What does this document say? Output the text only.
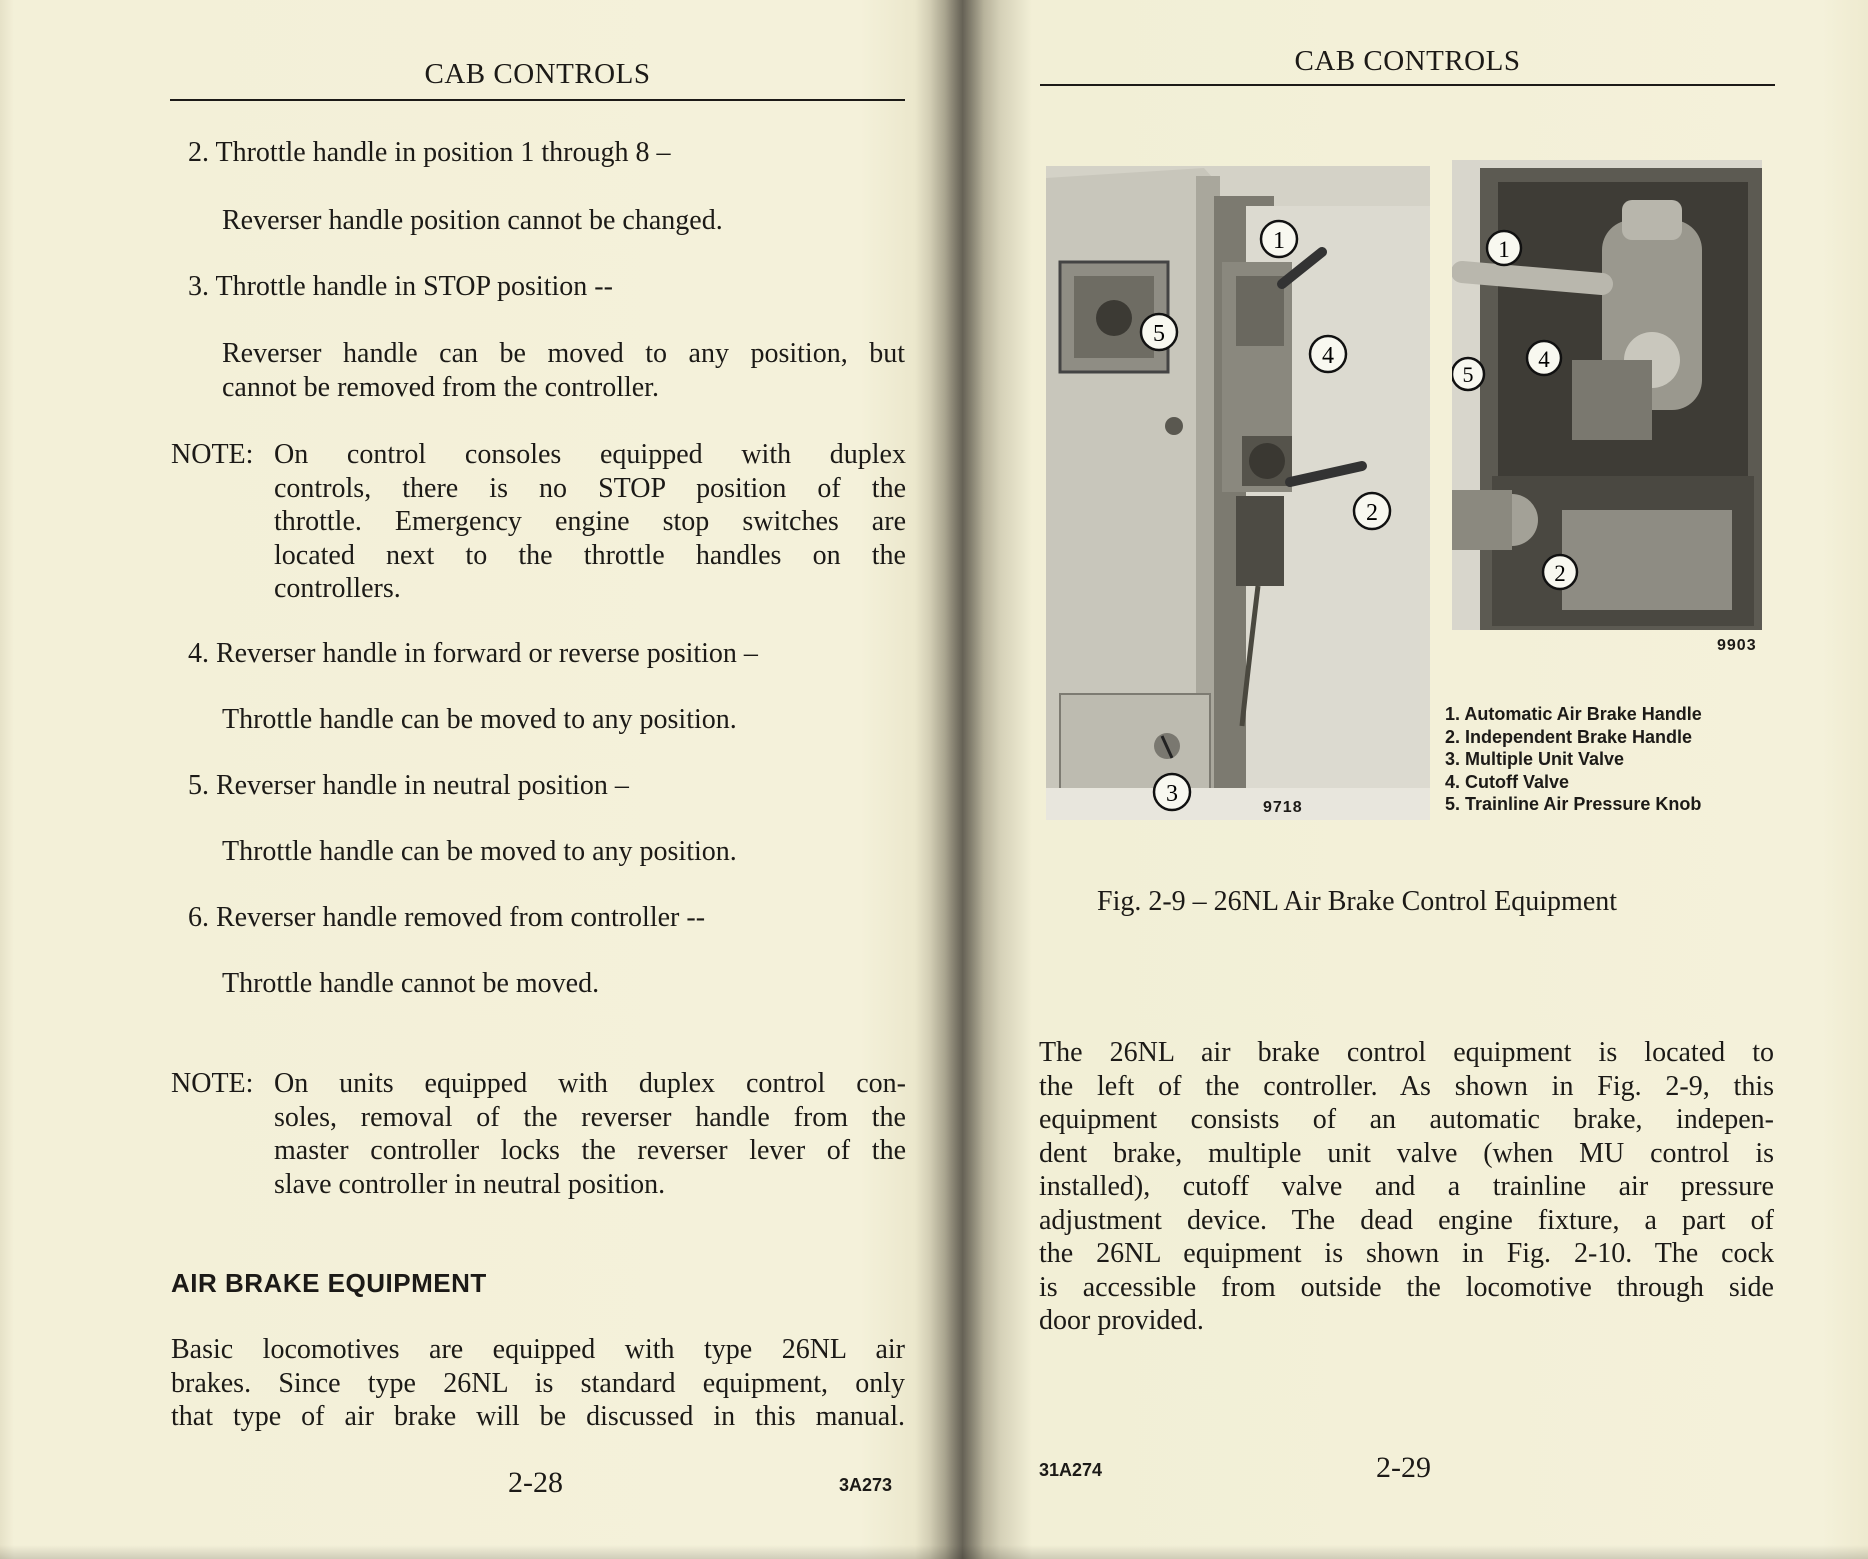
CAB CONTROLS
2. Throttle handle in position 1 through 8 –
Reverser handle position cannot be changed.
3. Throttle handle in STOP position --
Reverser handle can be moved to any position, but
cannot be removed from the controller.
NOTE: On control consoles equipped with duplex
controls, there is no STOP position of the
throttle. Emergency engine stop switches are
located next to the throttle handles on the
controllers.
4. Reverser handle in forward or reverse position –
Throttle handle can be moved to any position.
5. Reverser handle in neutral position –
Throttle handle can be moved to any position.
6. Reverser handle removed from controller --
Throttle handle cannot be moved.
NOTE: On units equipped with duplex control con-
soles, removal of the reverser handle from the
master controller locks the reverser lever of the
slave controller in neutral position.
AIR BRAKE EQUIPMENT
Basic locomotives are equipped with type 26NL air
brakes. Since type 26NL is standard equipment, only
that type of air brake will be discussed in this manual.
2-28	3A273
CAB CONTROLS
1
5
4
2
3
9718
1
4
5
2
9903
1. Automatic Air Brake Handle
2. Independent Brake Handle
3. Multiple Unit Valve
4. Cutoff Valve
5. Trainline Air Pressure Knob
Fig. 2-9 – 26NL Air Brake Control Equipment
The 26NL air brake control equipment is located to
the left of the controller. As shown in Fig. 2-9, this
equipment consists of an automatic brake, indepen-
dent brake, multiple unit valve (when MU control is
installed), cutoff valve and a trainline air pressure
adjustment device. The dead engine fixture, a part of
the 26NL equipment is shown in Fig. 2-10. The cock
is accessible from outside the locomotive through side
door provided.
31A274	2-29
